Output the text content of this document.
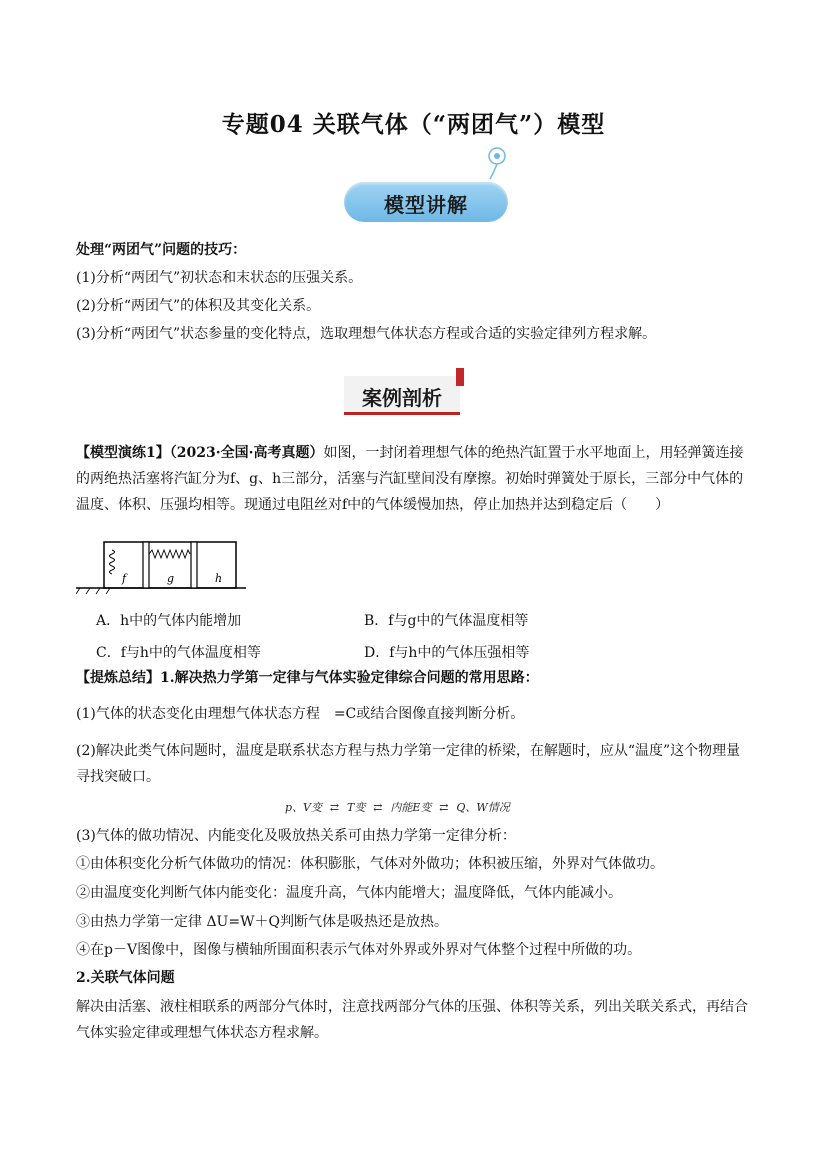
专题04 关联气体（“两团气”）模型
模型讲解
处理“两团气”问题的技巧：
(1)分析“两团气”初状态和末状态的压强关系。
(2)分析“两团气”的体积及其变化关系。
(3)分析“两团气”状态参量的变化特点，选取理想气体状态方程或合适的实验定律列方程求解。
案例剖析
【模型演练1】（2023·全国·高考真题）如图，一封闭着理想气体的绝热汽缸置于水平地面上，用轻弹簧连接的两绝热活塞将汽缸分为f、g、h三部分，活塞与汽缸壁间没有摩擦。初始时弹簧处于原长，三部分中气体的温度、体积、压强均相等。现通过电阻丝对f中的气体缓慢加热，停止加热并达到稳定后（　　）
f	g	h
A．h中的气体内能增加	B．f与g中的气体温度相等
C．f与h中的气体温度相等	D．f与h中的气体压强相等
【提炼总结】1.解决热力学第一定律与气体实验定律综合问题的常用思路：
(1)气体的状态变化由理想气体状态方程　=C或结合图像直接判断分析。
(2)解决此类气体问题时，温度是联系状态方程与热力学第一定律的桥梁，在解题时，应从“温度”这个物理量寻找突破口。
p、V变 ⇄ T变 ⇄ 内能E变 ⇄ Q、W情况
(3)气体的做功情况、内能变化及吸放热关系可由热力学第一定律分析：
①由体积变化分析气体做功的情况：体积膨胀，气体对外做功；体积被压缩，外界对气体做功。
②由温度变化判断气体内能变化：温度升高，气体内能增大；温度降低，气体内能减小。
③由热力学第一定律 ΔU=W＋Q判断气体是吸热还是放热。
④在p－V图像中，图像与横轴所围面积表示气体对外界或外界对气体整个过程中所做的功。
2.关联气体问题
解决由活塞、液柱相联系的两部分气体时，注意找两部分气体的压强、体积等关系，列出关联关系式，再结合气体实验定律或理想气体状态方程求解。
